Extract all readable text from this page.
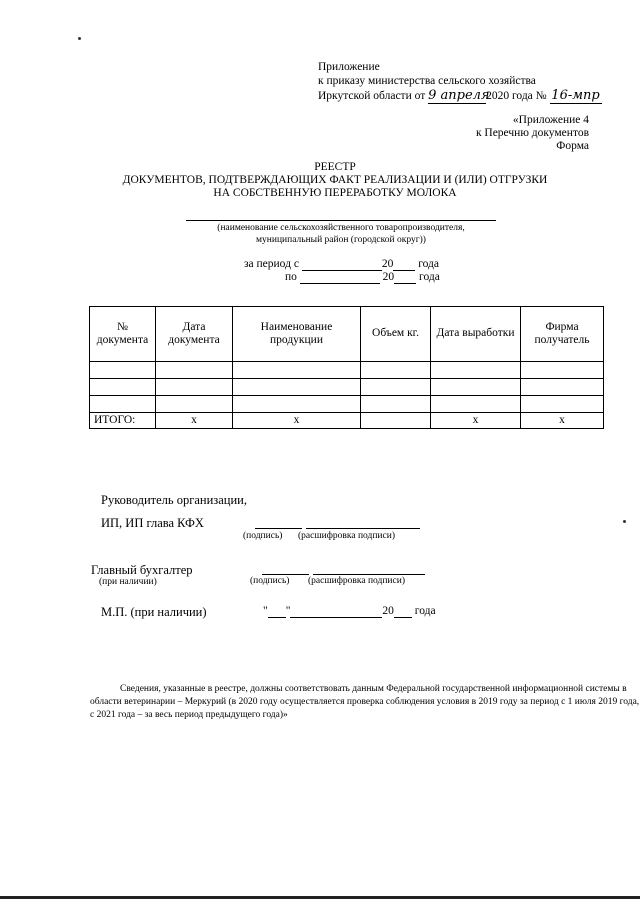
Приложение
к приказу министерства сельского хозяйства
Иркутской области от 9 апреля2020 года № 16-мпр
«Приложение 4
к Перечню документов
Форма
РЕЕСТР
ДОКУМЕНТОВ, ПОДТВЕРЖДАЮЩИХ ФАКТ РЕАЛИЗАЦИИ И (ИЛИ) ОТГРУЗКИ
НА СОБСТВЕННУЮ ПЕРЕРАБОТКУ МОЛОКА
(наименование сельскохозяйственного товаропроизводителя,
муниципальный район (городской округ))
за период с	20 года
по	20 года
№ документа	Дата документа	Наименование продукции	Объем кг.	Дата выработки	Фирма получатель

ИТОГО:	x	x		x	x
Руководитель организации,
ИП, ИП глава КФХ
(подпись) (расшифровка подписи)
Главный бухгалтер
(при наличии)	(подпись) (расшифровка подписи)
М.П. (при наличии)	" "	20 года
Сведения, указанные в реестре, должны соответствовать данным Федеральной государственной информационной системы в
области ветеринарии – Меркурий (в 2020 году осуществляется проверка соблюдения условия в 2019 году за период с 1 июля 2019 года,
с 2021 года – за весь период предыдущего года)»
